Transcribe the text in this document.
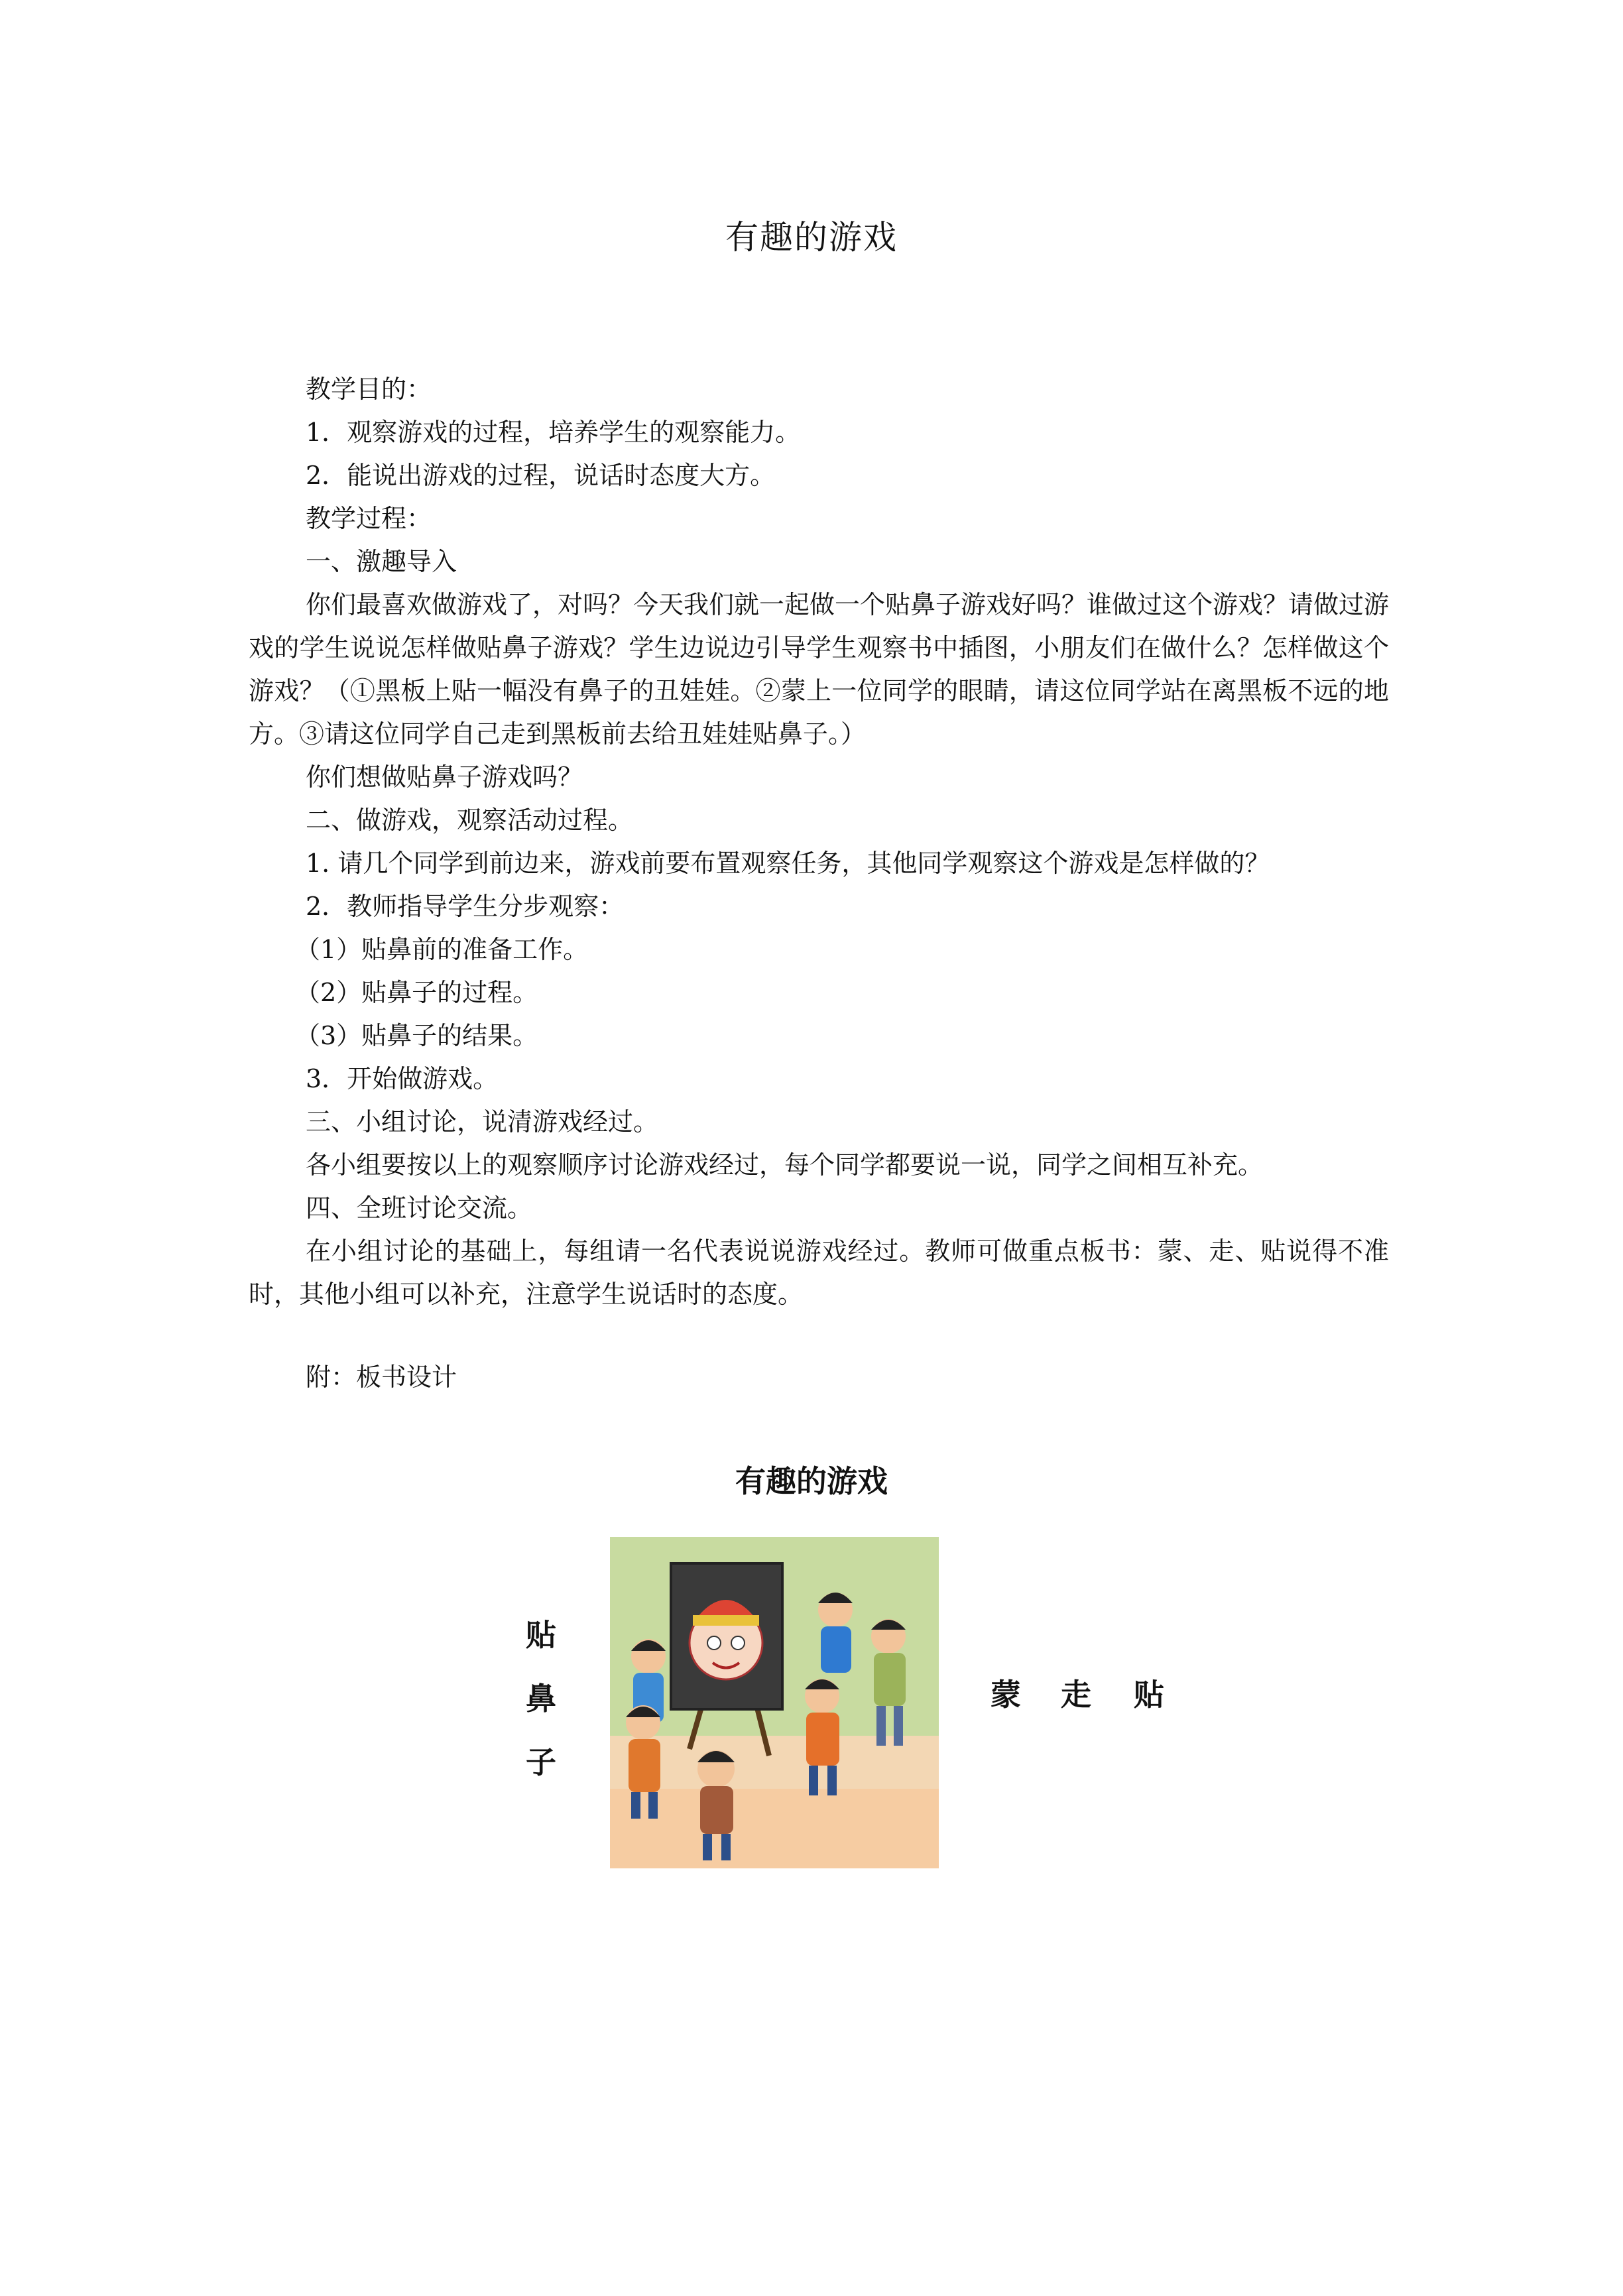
有趣的游戏

教学目的：

1．观察游戏的过程，培养学生的观察能力。

2．能说出游戏的过程，说话时态度大方。

教学过程：

一、激趣导入

你们最喜欢做游戏了，对吗？今天我们就一起做一个贴鼻子游戏好吗？谁做过这个游戏？请做过游戏的学生说说怎样做贴鼻子游戏？学生边说边引导学生观察书中插图，小朋友们在做什么？怎样做这个游戏？（①黑板上贴一幅没有鼻子的丑娃娃。②蒙上一位同学的眼睛，请这位同学站在离黑板不远的地方。③请这位同学自己走到黑板前去给丑娃娃贴鼻子。）

你们想做贴鼻子游戏吗？

二、做游戏，观察活动过程。

1. 请几个同学到前边来，游戏前要布置观察任务，其他同学观察这个游戏是怎样做的？

2．教师指导学生分步观察：

（1）贴鼻前的准备工作。

（2）贴鼻子的过程。

（3）贴鼻子的结果。

3．开始做游戏。

三、小组讨论，说清游戏经过。

各小组要按以上的观察顺序讨论游戏经过，每个同学都要说一说，同学之间相互补充。

四、全班讨论交流。

在小组讨论的基础上，每组请一名代表说说游戏经过。教师可做重点板书：蒙、走、贴说得不准时，其他小组可以补充，注意学生说话时的态度。

附：板书设计

有趣的游戏
贴
鼻
子
蒙 走 贴
